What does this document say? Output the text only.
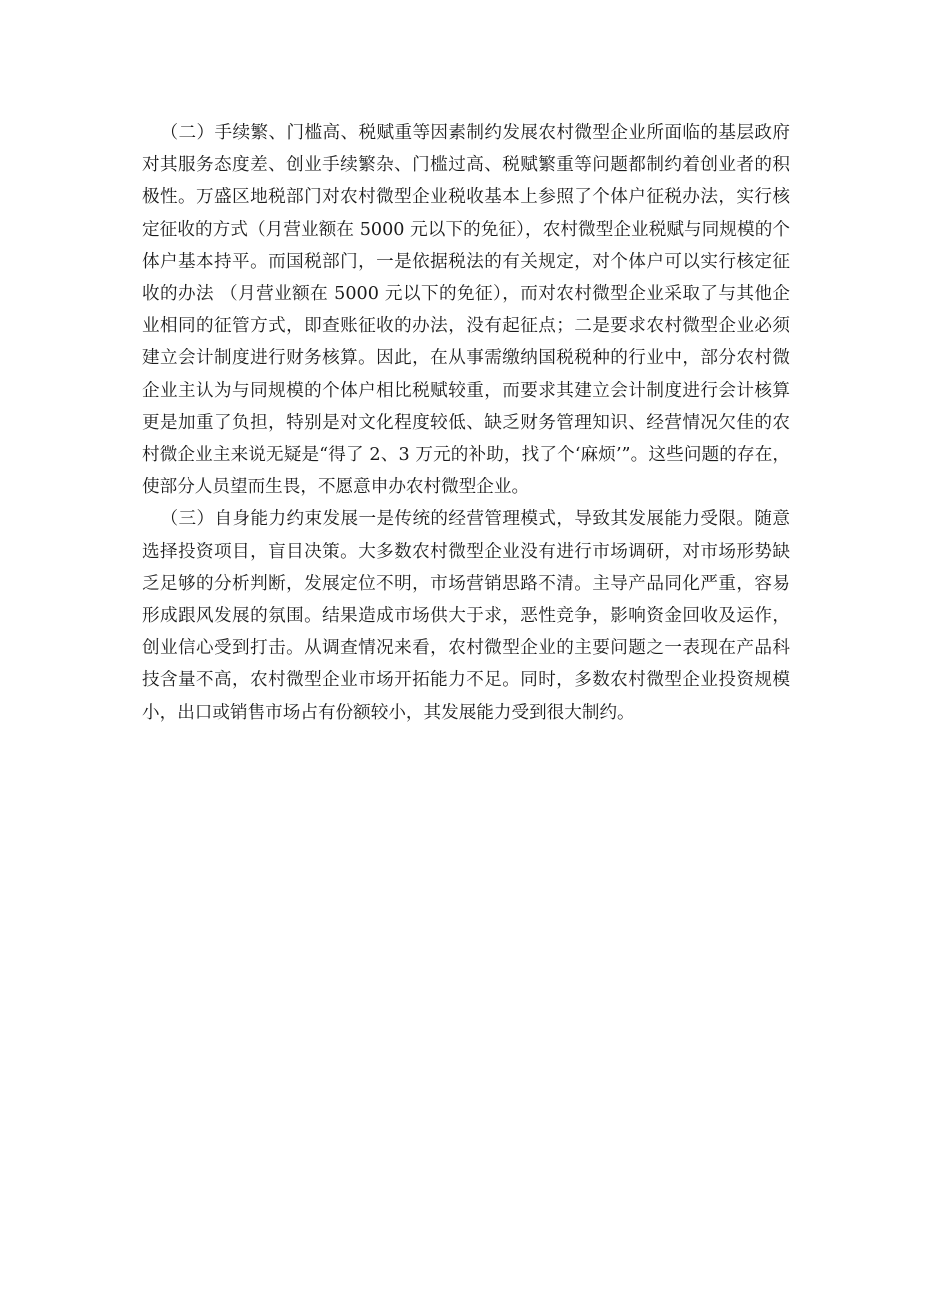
（二）手续繁、门槛高、税赋重等因素制约发展农村微型企业所面临的基层政府对其服务态度差、创业手续繁杂、门槛过高、税赋繁重等问题都制约着创业者的积极性。万盛区地税部门对农村微型企业税收基本上参照了个体户征税办法，实行核定征收的方式（月营业额在 5000 元以下的免征），农村微型企业税赋与同规模的个体户基本持平。而国税部门，一是依据税法的有关规定，对个体户可以实行核定征收的办法 （月营业额在 5000 元以下的免征），而对农村微型企业采取了与其他企业相同的征管方式，即查账征收的办法，没有起征点；二是要求农村微型企业必须建立会计制度进行财务核算。因此，在从事需缴纳国税税种的行业中，部分农村微企业主认为与同规模的个体户相比税赋较重，而要求其建立会计制度进行会计核算更是加重了负担，特别是对文化程度较低、缺乏财务管理知识、经营情况欠佳的农村微企业主来说无疑是“得了 2、3 万元的补助，找了个‘麻烦’”。这些问题的存在，使部分人员望而生畏，不愿意申办农村微型企业。

（三）自身能力约束发展一是传统的经营管理模式，导致其发展能力受限。随意选择投资项目，盲目决策。大多数农村微型企业没有进行市场调研，对市场形势缺乏足够的分析判断，发展定位不明，市场营销思路不清。主导产品同化严重，容易形成跟风发展的氛围。结果造成市场供大于求，恶性竞争，影响资金回收及运作，创业信心受到打击。从调查情况来看，农村微型企业的主要问题之一表现在产品科技含量不高，农村微型企业市场开拓能力不足。同时，多数农村微型企业投资规模小，出口或销售市场占有份额较小，其发展能力受到很大制约。
